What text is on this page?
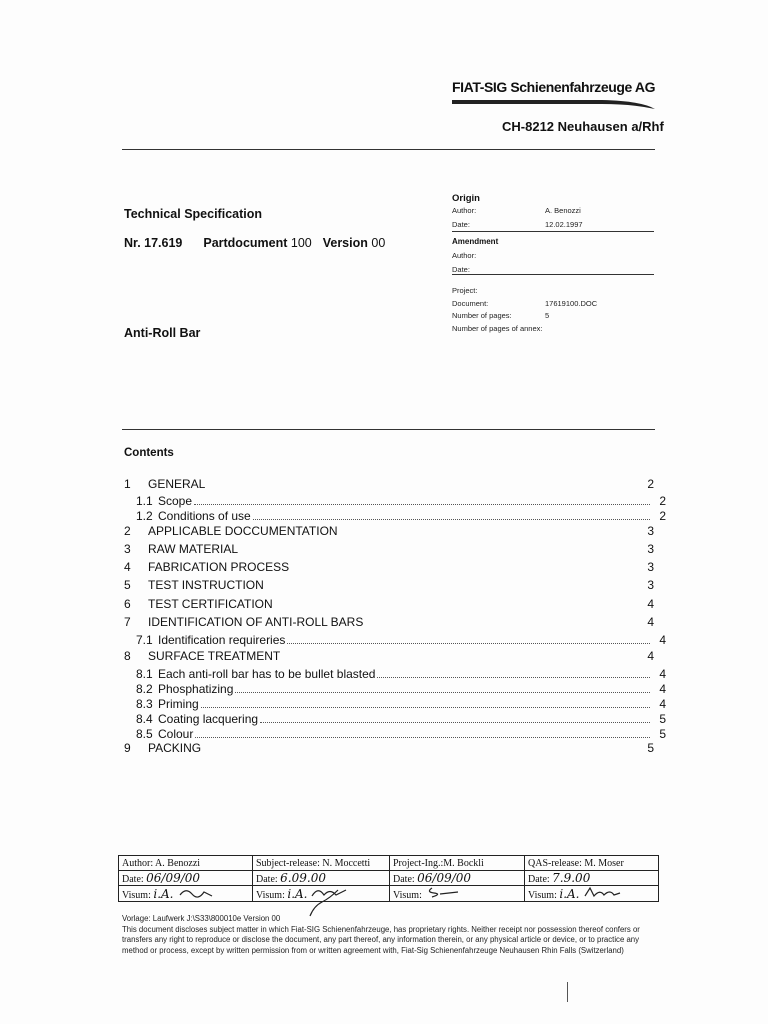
FIAT-SIG Schienenfahrzeuge AG
CH-8212 Neuhausen a/Rhf
Technical Specification
Nr. 17.619 Partdocument 100 Version 00
Anti-Roll Bar
Origin
Author:	A. Benozzi
Date:	12.02.1997
Amendment
Author:
Date:
Project:
Document:	17619100.DOC
Number of pages:	5
Number of pages of annex:
Contents
1	GENERAL	2
1.1 Scope	2
1.2 Conditions of use	2
2	APPLICABLE DOCCUMENTATION	3
3	RAW MATERIAL	3
4	FABRICATION PROCESS	3
5	TEST INSTRUCTION	3
6	TEST CERTIFICATION	4
7	IDENTIFICATION OF ANTI-ROLL BARS	4
7.1 Identification requireries	4
8	SURFACE TREATMENT	4
8.1 Each anti-roll bar has to be bullet blasted	4
8.2 Phosphatizing	4
8.3 Priming	4
8.4 Coating lacquering	5
8.5 Colour	5
9	PACKING	5
Author: A. Benozzi	Subject-release: N. Moccetti	Project-Ing.:M. Bockli	QAS-release: M. Moser
Date: 06/09/00	Date: 6.09.00	Date: 06/09/00	Date: 7.9.00
Visum: i.A.	Visum: i.A.	Visum:	Visum: i.A.
Vorlage: Laufwerk J:\S33\800010e Version 00
This document discloses subject matter in which Fiat-SIG Schienenfahrzeuge, has proprietary rights. Neither receipt nor possession thereof confers or transfers any right to reproduce or disclose the document, any part thereof, any information therein, or any physical article or device, or to practice any method or process, except by written permission from or written agreement with, Fiat-Sig Schienenfahrzeuge Neuhausen Rhin Falls (Switzerland)
